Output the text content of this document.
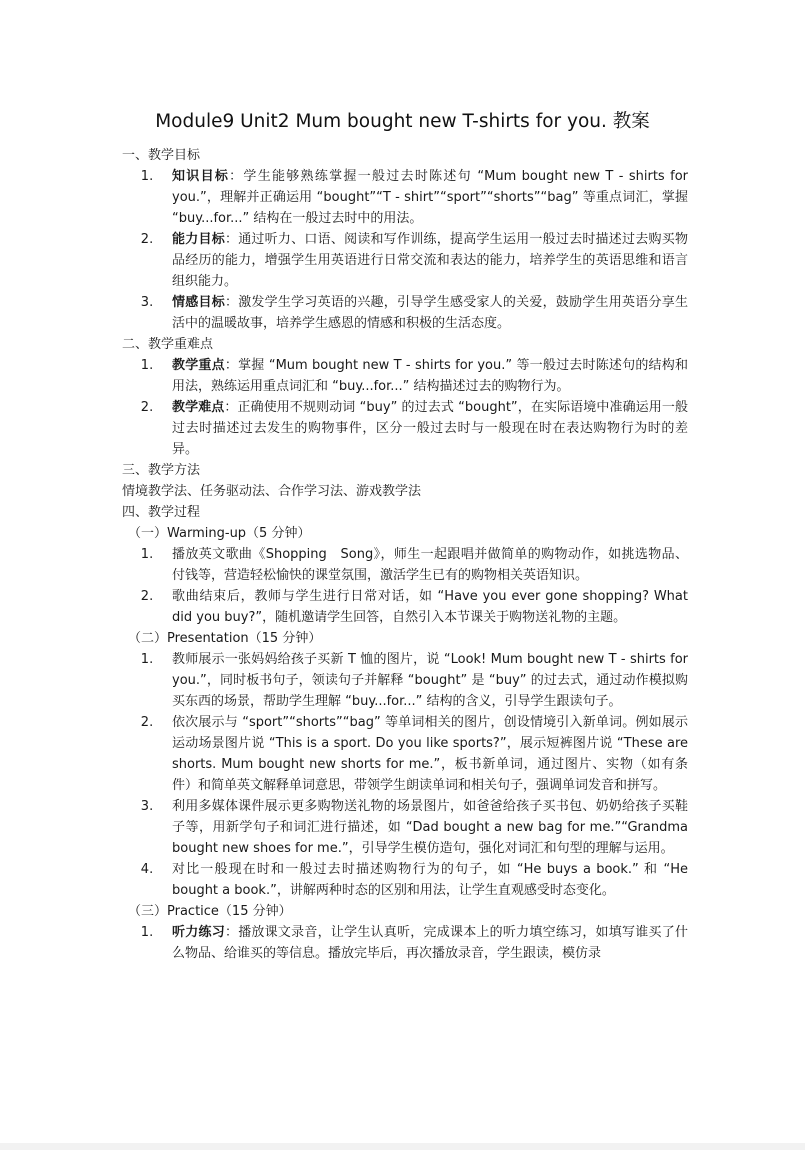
Module9 Unit2 Mum bought new T-shirts for you. 教案

一、教学目标

1.	知识目标：学生能够熟练掌握一般过去时陈述句 “Mum bought new T - shirts for you.”，理解并正确运用 “bought”“T - shirt”“sport”“shorts”“bag” 等重点词汇，掌握 “buy...for...” 结构在一般过去时中的用法。
2.	能力目标：通过听力、口语、阅读和写作训练，提高学生运用一般过去时描述过去购买物品经历的能力，增强学生用英语进行日常交流和表达的能力，培养学生的英语思维和语言组织能力。
3.	情感目标：激发学生学习英语的兴趣，引导学生感受家人的关爱，鼓励学生用英语分享生活中的温暖故事，培养学生感恩的情感和积极的生活态度。

二、教学重难点

1.	教学重点：掌握 “Mum bought new T - shirts for you.” 等一般过去时陈述句的结构和用法，熟练运用重点词汇和 “buy...for...” 结构描述过去的购物行为。
2.	教学难点：正确使用不规则动词 “buy” 的过去式 “bought”，在实际语境中准确运用一般过去时描述过去发生的购物事件，区分一般过去时与一般现在时在表达购物行为时的差异。

三、教学方法

情境教学法、任务驱动法、合作学习法、游戏教学法

四、教学过程

（一）Warming-up（5 分钟）

1.	播放英文歌曲《Shopping　Song》，师生一起跟唱并做简单的购物动作，如挑选物品、付钱等，营造轻松愉快的课堂氛围，激活学生已有的购物相关英语知识。
2.	歌曲结束后，教师与学生进行日常对话，如 “Have you ever gone shopping? What did you buy?”，随机邀请学生回答，自然引入本节课关于购物送礼物的主题。

（二）Presentation（15 分钟）

1.	教师展示一张妈妈给孩子买新 T 恤的图片，说 “Look! Mum bought new T - shirts for you.”，同时板书句子，领读句子并解释 “bought” 是 “buy” 的过去式，通过动作模拟购买东西的场景，帮助学生理解 “buy...for...” 结构的含义，引导学生跟读句子。
2.	依次展示与 “sport”“shorts”“bag” 等单词相关的图片，创设情境引入新单词。例如展示运动场景图片说 “This is a sport. Do you like sports?”，展示短裤图片说 “These are shorts. Mum bought new shorts for me.”，板书新单词，通过图片、实物（如有条件）和简单英文解释单词意思，带领学生朗读单词和相关句子，强调单词发音和拼写。
3.	利用多媒体课件展示更多购物送礼物的场景图片，如爸爸给孩子买书包、奶奶给孩子买鞋子等，用新学句子和词汇进行描述，如 “Dad bought a new bag for me.”“Grandma bought new shoes for me.”，引导学生模仿造句，强化对词汇和句型的理解与运用。
4.	对比一般现在时和一般过去时描述购物行为的句子，如 “He buys a book.” 和 “He bought a book.”，讲解两种时态的区别和用法，让学生直观感受时态变化。

（三）Practice（15 分钟）

1.	听力练习：播放课文录音，让学生认真听，完成课本上的听力填空练习，如填写谁买了什么物品、给谁买的等信息。播放完毕后，再次播放录音，学生跟读，模仿录
